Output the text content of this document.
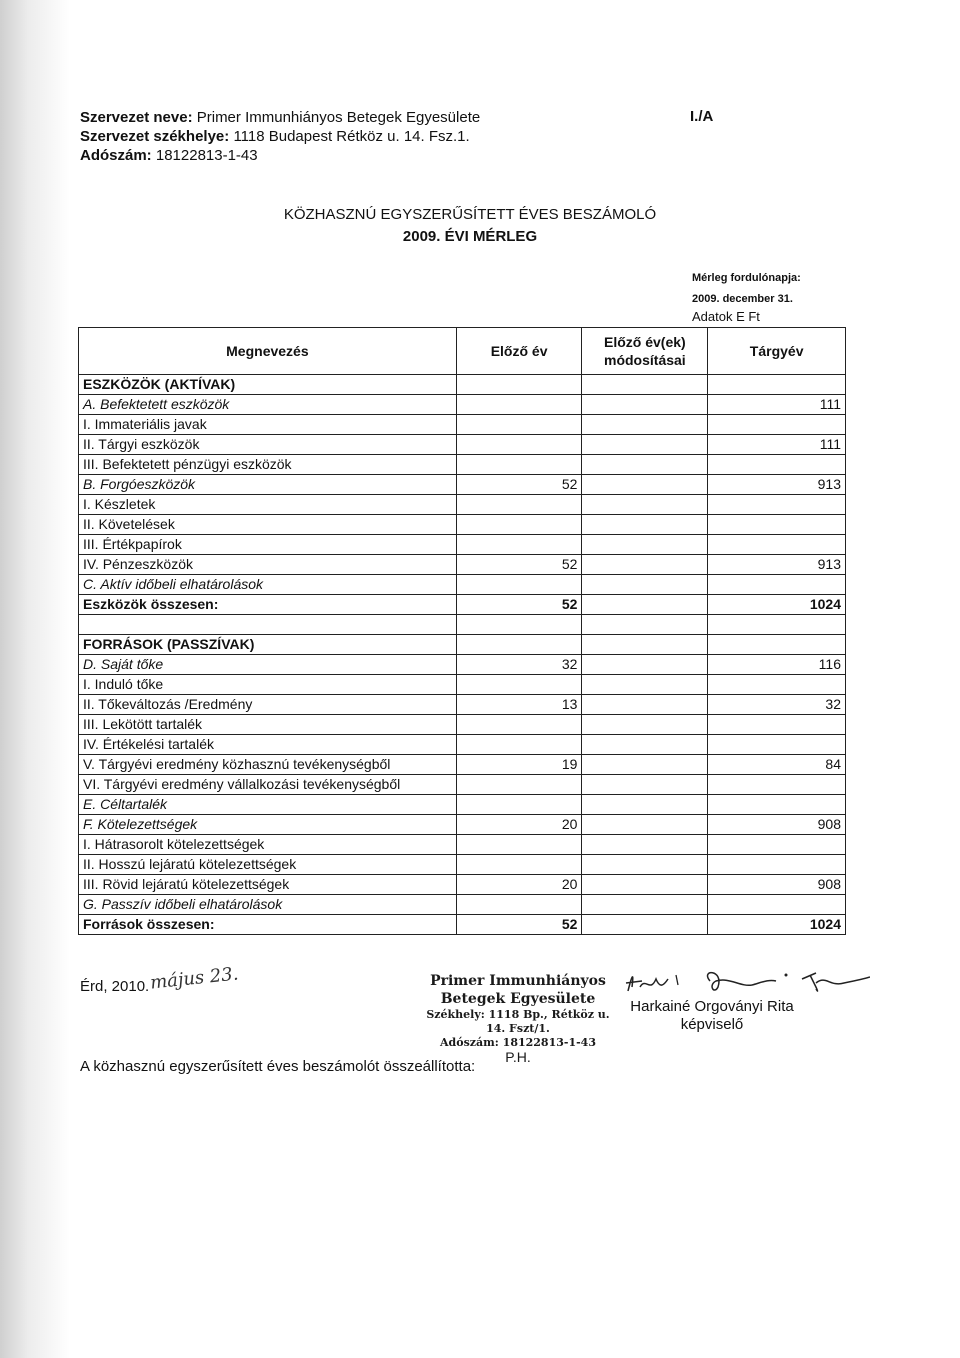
Szervezet neve: Primer Immunhiányos Betegek Egyesülete
Szervezet székhelye: 1118 Budapest Rétköz u. 14. Fsz.1.
Adószám: 18122813-1-43
I./A
KÖZHASZNÚ EGYSZERŰSÍTETT ÉVES BESZÁMOLÓ
2009. ÉVI MÉRLEG
Mérleg fordulónapja:
2009. december 31.
Adatok E Ft
Megnevezés	Előző év	Előző év(ek) módosításai	Tárgyév
ESZKÖZÖK (AKTÍVAK)			
A. Befektetett eszközök			111
I. Immateriális javak			
II. Tárgyi eszközök			111
III. Befektetett pénzügyi eszközök			
B. Forgóeszközök	52		913
I. Készletek			
II. Követelések			
III. Értékpapírok			
IV. Pénzeszközök	52		913
C. Aktív időbeli elhatárolások			
Eszközök összesen:	52		1024

FORRÁSOK (PASSZÍVAK)			
D. Saját tőke	32		116
I. Induló tőke			
II. Tőkeváltozás /Eredmény	13		32
III. Lekötött tartalék			
IV. Értékelési tartalék			
V. Tárgyévi eredmény közhasznú tevékenységből	19		84
VI. Tárgyévi eredmény vállalkozási tevékenységből			
E. Céltartalék			
F. Kötelezettségek	20		908
I. Hátrasorolt kötelezettségek			
II. Hosszú lejáratú kötelezettségek			
III. Rövid lejáratú kötelezettségek	20		908
G. Passzív időbeli elhatárolások			
Források összesen:	52		1024
Érd, 2010. május 23.	Primer Immunhiányos
Betegek Egyesülete
Székhely: 1118 Bp., Rétköz u. 14. Fszt/1.
Adószám: 18122813-1-43
P.H.
Harkainé Orgoványi Rita
képviselő
A közhasznú egyszerűsített éves beszámolót összeállította:
